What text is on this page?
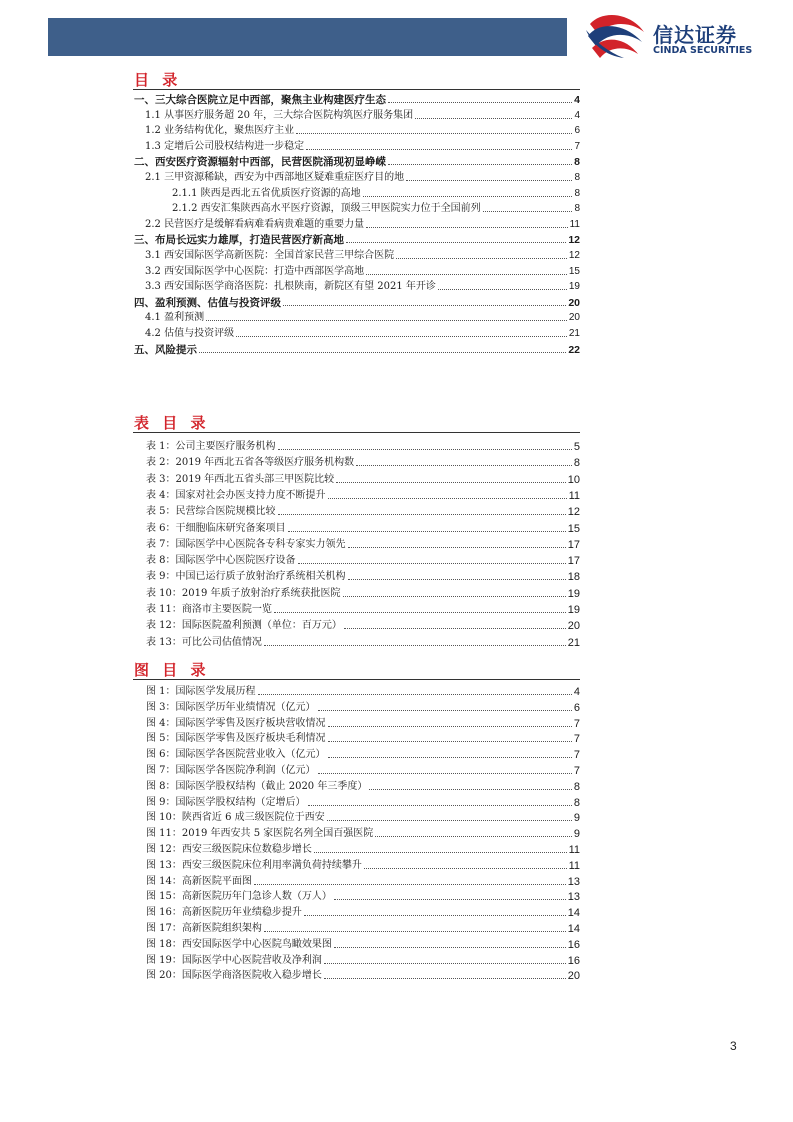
信达证券
CINDA SECURITIES
目 录
一、三大综合医院立足中西部，聚焦主业构建医疗生态	4
1.1 从事医疗服务超 20 年，三大综合医院构筑医疗服务集团	4
1.2 业务结构优化，聚焦医疗主业	6
1.3 定增后公司股权结构进一步稳定	7
二、西安医疗资源辐射中西部，民营医院涌现初显峥嵘	8
2.1 三甲资源稀缺，西安为中西部地区疑难重症医疗目的地	8
2.1.1 陕西是西北五省优质医疗资源的高地	8
2.1.2 西安汇集陕西高水平医疗资源，顶级三甲医院实力位于全国前列	8
2.2 民营医疗是缓解看病难看病贵难题的重要力量	11
三、布局长远实力雄厚，打造民营医疗新高地	12
3.1 西安国际医学高新医院：全国首家民营三甲综合医院	12
3.2 西安国际医学中心医院：打造中西部医学高地	15
3.3 西安国际医学商洛医院：扎根陕南，新院区有望 2021 年开诊	19
四、盈利预测、估值与投资评级	20
4.1 盈利预测	20
4.2 估值与投资评级	21
五、风险提示	22
表 目 录
表 1：公司主要医疗服务机构	5
表 2：2019 年西北五省各等级医疗服务机构数	8
表 3：2019 年西北五省头部三甲医院比较	10
表 4：国家对社会办医支持力度不断提升	11
表 5：民营综合医院规模比较	12
表 6：干细胞临床研究备案项目	15
表 7：国际医学中心医院各专科专家实力领先	17
表 8：国际医学中心医院医疗设备	17
表 9：中国已运行质子放射治疗系统相关机构	18
表 10：2019 年质子放射治疗系统获批医院	19
表 11：商洛市主要医院一览	19
表 12：国际医院盈利预测（单位：百万元）	20
表 13：可比公司估值情况	21
图 目 录
图 1：国际医学发展历程	4
图 3：国际医学历年业绩情况（亿元）	6
图 4：国际医学零售及医疗板块营收情况	7
图 5：国际医学零售及医疗板块毛利情况	7
图 6：国际医学各医院营业收入（亿元）	7
图 7：国际医学各医院净利润（亿元）	7
图 8：国际医学股权结构（截止 2020 年三季度）	8
图 9：国际医学股权结构（定增后）	8
图 10：陕西省近 6 成三级医院位于西安	9
图 11：2019 年西安共 5 家医院名列全国百强医院	9
图 12：西安三级医院床位数稳步增长	11
图 13：西安三级医院床位利用率满负荷持续攀升	11
图 14：高新医院平面图	13
图 15：高新医院历年门急诊人数（万人）	13
图 16：高新医院历年业绩稳步提升	14
图 17：高新医院组织架构	14
图 18：西安国际医学中心医院鸟瞰效果图	16
图 19：国际医学中心医院营收及净利润	16
图 20：国际医学商洛医院收入稳步增长	20
3
